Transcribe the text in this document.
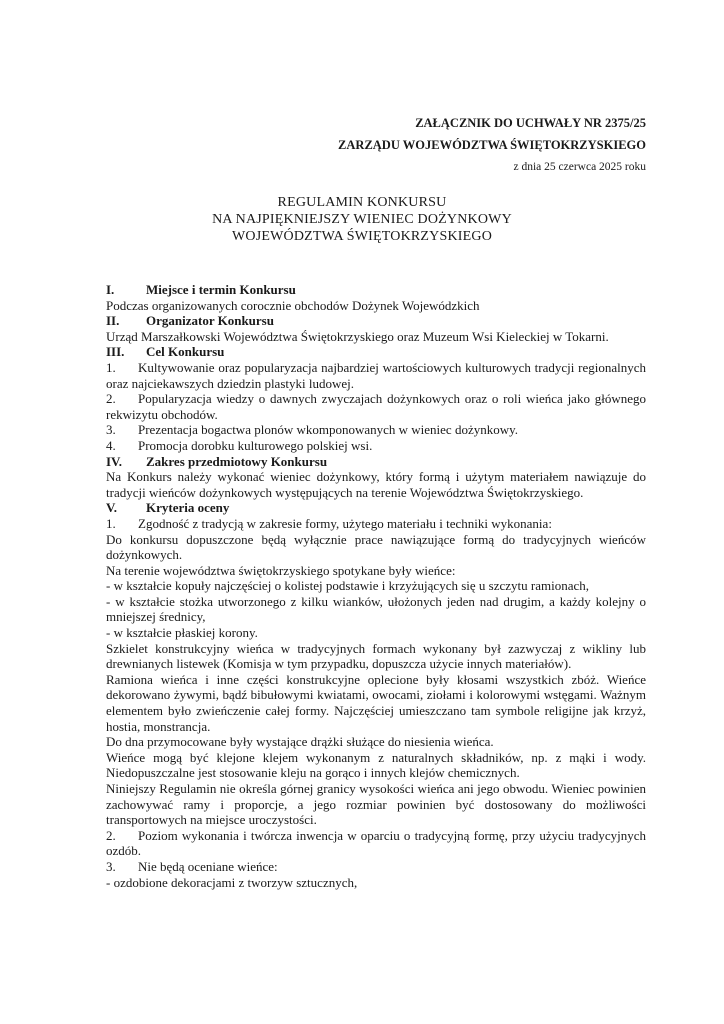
ZAŁĄCZNIK DO UCHWAŁY NR 2375/25
ZARZĄDU WOJEWÓDZTWA ŚWIĘTOKRZYSKIEGO
z dnia 25 czerwca 2025 roku
REGULAMIN KONKURSU
NA NAJPIĘKNIEJSZY WIENIEC DOŻYNKOWY
WOJEWÓDZTWA ŚWIĘTOKRZYSKIEGO
I.	Miejsce i termin Konkursu
Podczas organizowanych corocznie obchodów Dożynek Wojewódzkich
II.	Organizator Konkursu
Urząd Marszałkowski Województwa Świętokrzyskiego oraz Muzeum Wsi Kieleckiej w Tokarni.
III.	Cel Konkursu
1. Kultywowanie oraz popularyzacja najbardziej wartościowych kulturowych tradycji regionalnych oraz najciekawszych dziedzin plastyki ludowej.
2. Popularyzacja wiedzy o dawnych zwyczajach dożynkowych oraz o roli wieńca jako głównego rekwizytu obchodów.
3. Prezentacja bogactwa plonów wkomponowanych w wieniec dożynkowy.
4. Promocja dorobku kulturowego polskiej wsi.
IV.	Zakres przedmiotowy Konkursu
Na Konkurs należy wykonać wieniec dożynkowy, który formą i użytym materiałem nawiązuje do tradycji wieńców dożynkowych występujących na terenie Województwa Świętokrzyskiego.
V.	Kryteria oceny
1. Zgodność z tradycją w zakresie formy, użytego materiału i techniki wykonania:
Do konkursu dopuszczone będą wyłącznie prace nawiązujące formą do tradycyjnych wieńców dożynkowych.
Na terenie województwa świętokrzyskiego spotykane były wieńce:
- w kształcie kopuły najczęściej o kolistej podstawie i krzyżujących się u szczytu ramionach,
- w kształcie stożka utworzonego z kilku wianków, ułożonych jeden nad drugim, a każdy kolejny o mniejszej średnicy,
- w kształcie płaskiej korony.
Szkielet konstrukcyjny wieńca w tradycyjnych formach wykonany był zazwyczaj z wikliny lub drewnianych listewek (Komisja w tym przypadku, dopuszcza użycie innych materiałów).
Ramiona wieńca i inne części konstrukcyjne oplecione były kłosami wszystkich zbóż. Wieńce dekorowano żywymi, bądź bibułowymi kwiatami, owocami, ziołami i kolorowymi wstęgami. Ważnym elementem było zwieńczenie całej formy. Najczęściej umieszczano tam symbole religijne jak krzyż, hostia, monstrancja.
Do dna przymocowane były wystające drążki służące do niesienia wieńca.
Wieńce mogą być klejone klejem wykonanym z naturalnych składników, np. z mąki i wody. Niedopuszczalne jest stosowanie kleju na gorąco i innych klejów chemicznych.
Niniejszy Regulamin nie określa górnej granicy wysokości wieńca ani jego obwodu. Wieniec powinien zachowywać ramy i proporcje, a jego rozmiar powinien być dostosowany do możliwości transportowych na miejsce uroczystości.
2. Poziom wykonania i twórcza inwencja w oparciu o tradycyjną formę, przy użyciu tradycyjnych ozdób.
3. Nie będą oceniane wieńce:
- ozdobione dekoracjami z tworzyw sztucznych,
